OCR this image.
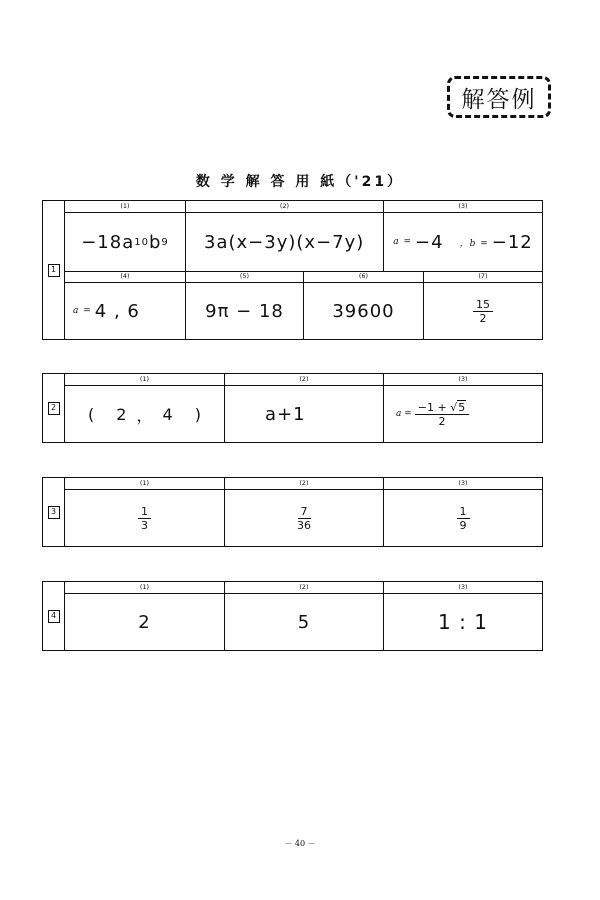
解答例
数 学 解 答 用 紙（'21）
1
(1)
−18a 10 b 9
(2)
3a(x−3y)(x−7y)
(3)
a = −4 ，b = −12
(4)
a = 4 , 6
(5)
9π − 18
(6)
39600
(7)
$\frac{15}{2}$
2
(1)
( 2 ， 4 )
(2)
a+1
(3)
$a = \frac{-1 + √5}{2}$
3
(1)
$\frac{1}{3}$
(2)
$\frac{7}{36}$
(3)
$\frac{1}{9}$
4
(1)
2
(2)
5
(3)
1 : 1
－ 40 －
